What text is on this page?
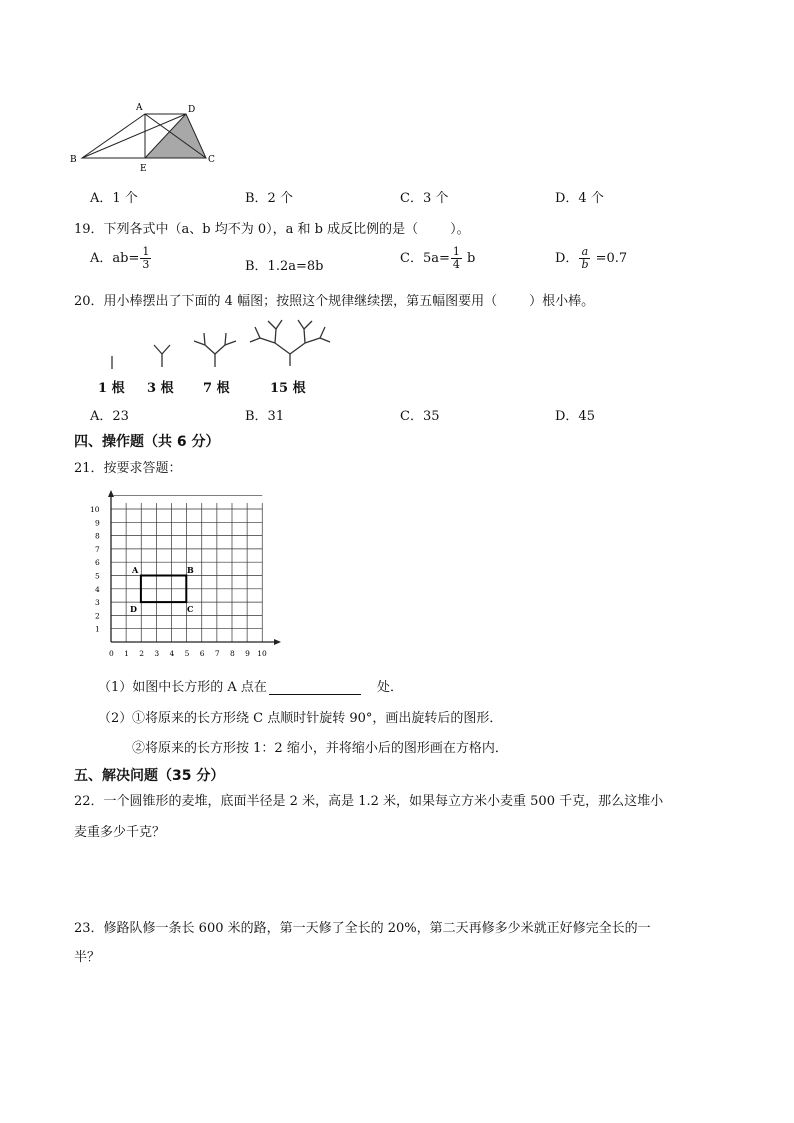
A	D
B	C
E
A．1 个	B．2 个	C．3 个	D．4 个
19．下列各式中（a、b 均不为 0），a 和 b 成反比例的是（ ）。
A．$ab= \frac{1}{3}$	B．1.2a=8b
C．$5a= \frac{1}{4}$ b	D． $\frac{a}{b} =0.7$
20．用小棒摆出了下面的 4 幅图；按照这个规律继续摆，第五幅图要用（ ）根小棒。
1 根 3 根 7 根	15 根
A．23	B．31	C．35	D．45
四、操作题（共 6 分）
21．按要求答题：
10
9
8
7
6
5
4
3
2
1
0 1 2 3 4 5 6 7 8 9 10
A	B
D	C
（1）如图中长方形的 A 点在	处．
（2）①将原来的长方形绕 C 点顺时针旋转 90°，画出旋转后的图形．
②将原来的长方形按 1：2 缩小，并将缩小后的图形画在方格内．
五、解决问题（35 分）
22．一个圆锥形的麦堆，底面半径是 2 米，高是 1.2 米，如果每立方米小麦重 500 千克，那么这堆小
麦重多少千克？
23．修路队修一条长 600 米的路，第一天修了全长的 20%，第二天再修多少米就正好修完全长的一
半？
